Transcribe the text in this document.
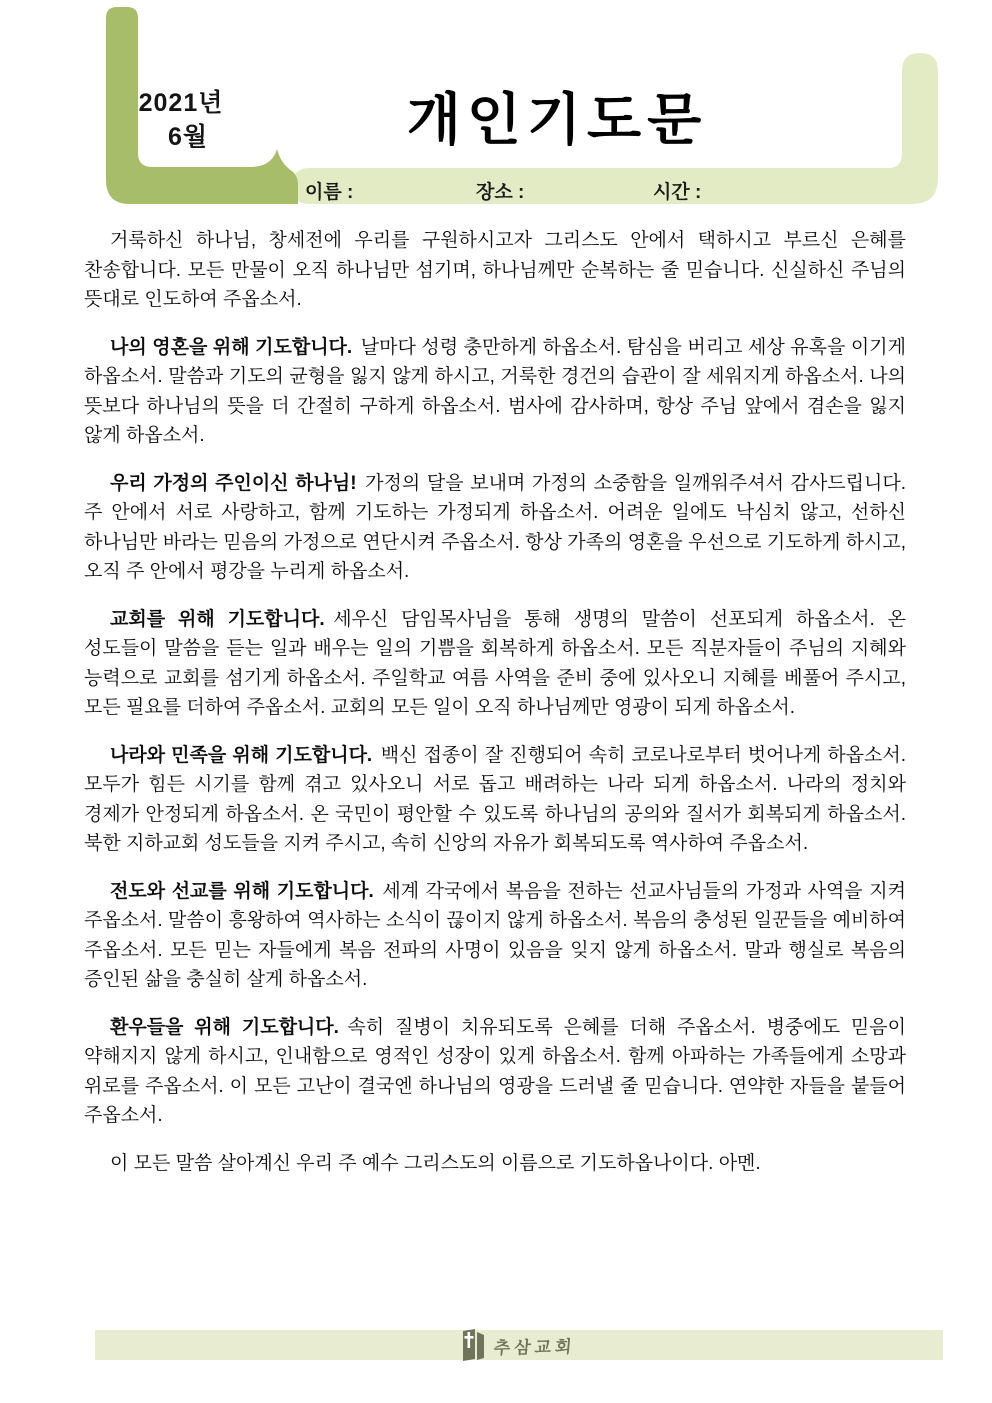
2021년
6월	개인기도문
이름 :	장소 :	시간 :

거룩하신 하나님, 창세전에 우리를 구원하시고자 그리스도 안에서 택하시고 부르신 은혜를 찬송합니다. 모든 만물이 오직 하나님만 섬기며, 하나님께만 순복하는 줄 믿습니다. 신실하신 주님의 뜻대로 인도하여 주옵소서.

나의 영혼을 위해 기도합니다. 날마다 성령 충만하게 하옵소서. 탐심을 버리고 세상 유혹을 이기게 하옵소서. 말씀과 기도의 균형을 잃지 않게 하시고, 거룩한 경건의 습관이 잘 세워지게 하옵소서. 나의 뜻보다 하나님의 뜻을 더 간절히 구하게 하옵소서. 범사에 감사하며, 항상 주님 앞에서 겸손을 잃지 않게 하옵소서.

우리 가정의 주인이신 하나님! 가정의 달을 보내며 가정의 소중함을 일깨워주셔서 감사드립니다. 주 안에서 서로 사랑하고, 함께 기도하는 가정되게 하옵소서. 어려운 일에도 낙심치 않고, 선하신 하나님만 바라는 믿음의 가정으로 연단시켜 주옵소서. 항상 가족의 영혼을 우선으로 기도하게 하시고, 오직 주 안에서 평강을 누리게 하옵소서.

교회를 위해 기도합니다. 세우신 담임목사님을 통해 생명의 말씀이 선포되게 하옵소서. 온 성도들이 말씀을 듣는 일과 배우는 일의 기쁨을 회복하게 하옵소서. 모든 직분자들이 주님의 지혜와 능력으로 교회를 섬기게 하옵소서. 주일학교 여름 사역을 준비 중에 있사오니 지혜를 베풀어 주시고, 모든 필요를 더하여 주옵소서. 교회의 모든 일이 오직 하나님께만 영광이 되게 하옵소서.

나라와 민족을 위해 기도합니다. 백신 접종이 잘 진행되어 속히 코로나로부터 벗어나게 하옵소서. 모두가 힘든 시기를 함께 겪고 있사오니 서로 돕고 배려하는 나라 되게 하옵소서. 나라의 정치와 경제가 안정되게 하옵소서. 온 국민이 평안할 수 있도록 하나님의 공의와 질서가 회복되게 하옵소서. 북한 지하교회 성도들을 지켜 주시고, 속히 신앙의 자유가 회복되도록 역사하여 주옵소서.

전도와 선교를 위해 기도합니다. 세계 각국에서 복음을 전하는 선교사님들의 가정과 사역을 지켜 주옵소서. 말씀이 흥왕하여 역사하는 소식이 끊이지 않게 하옵소서. 복음의 충성된 일꾼들을 예비하여 주옵소서. 모든 믿는 자들에게 복음 전파의 사명이 있음을 잊지 않게 하옵소서. 말과 행실로 복음의 증인된 삶을 충실히 살게 하옵소서.

환우들을 위해 기도합니다. 속히 질병이 치유되도록 은혜를 더해 주옵소서. 병중에도 믿음이 약해지지 않게 하시고, 인내함으로 영적인 성장이 있게 하옵소서. 함께 아파하는 가족들에게 소망과 위로를 주옵소서. 이 모든 고난이 결국엔 하나님의 영광을 드러낼 줄 믿습니다. 연약한 자들을 붙들어 주옵소서.

이 모든 말씀 살아계신 우리 주 예수 그리스도의 이름으로 기도하옵나이다. 아멘.

추삼교회
